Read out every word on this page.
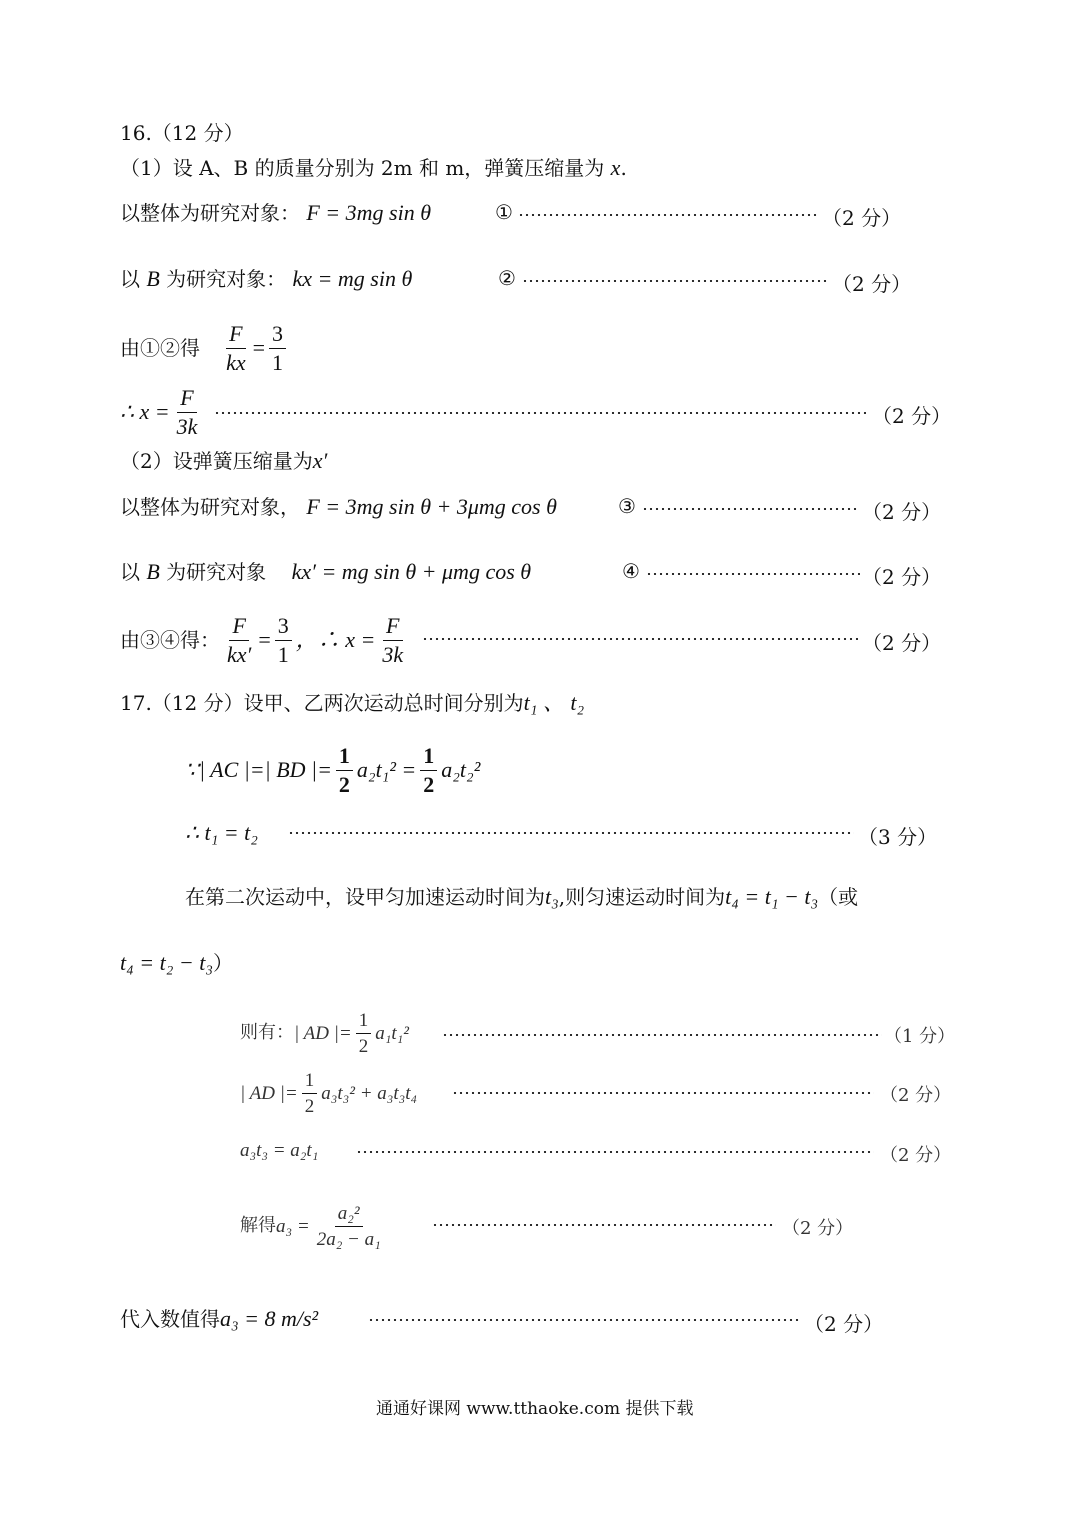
16.（12 分）
（1）设 A、B 的质量分别为 2m 和 m，弹簧压缩量为
x .
以整体为研究对象：
F = 3mg sin θ	①	（2 分）
以
B
为研究对象：
kx = mg sin θ	②	（2 分）
由①②得
$\frac{F}{kx} = \frac{3}{1}$
∴ $x = \frac{F}{3k}$	（2 分）
（2）设弹簧压缩量为 x′
以整体为研究对象，
F = 3mg sin θ + 3μmg cos θ	③	（2 分）
以
B
为研究对象
kx′ = mg sin θ + μmg cos θ	④	（2 分）
由③④得： $\frac{F}{kx'} = \frac{3}{1}$ ，∴ $x = \frac{F}{3k}$	（2 分）
17.（12 分）设甲、乙两次运动总时间分别为 t₁ 、 t₂
∵| AC |=| BD |= $\frac{1}{2} a_2t_1^2 = \frac{1}{2} a_2t_2^2$
∴ t₁ = t₂	（3 分）
在第二次运动中，设甲匀加速运动时间为 t₃ ,则匀速运动时间为 t₄ = t₁ − t₃ （或
t₄ = t₂ − t₃ ）
则有： | AD |= $\frac{1}{2} a_1t_1^2$	（1 分）
| AD |= $\frac{1}{2} a_3t_3^2 + a_3t_3t_4$	（2 分）
a₃t₃ = a₂t₁	（2 分）
解得 $a_3 = \frac{\text{a₂²}}{\text{2a₂ − a₁}}$	（2 分）
代入数值得 a₃ = 8 m/s²	（2 分）
通通好课网 www.tthaoke.com 提供下载
